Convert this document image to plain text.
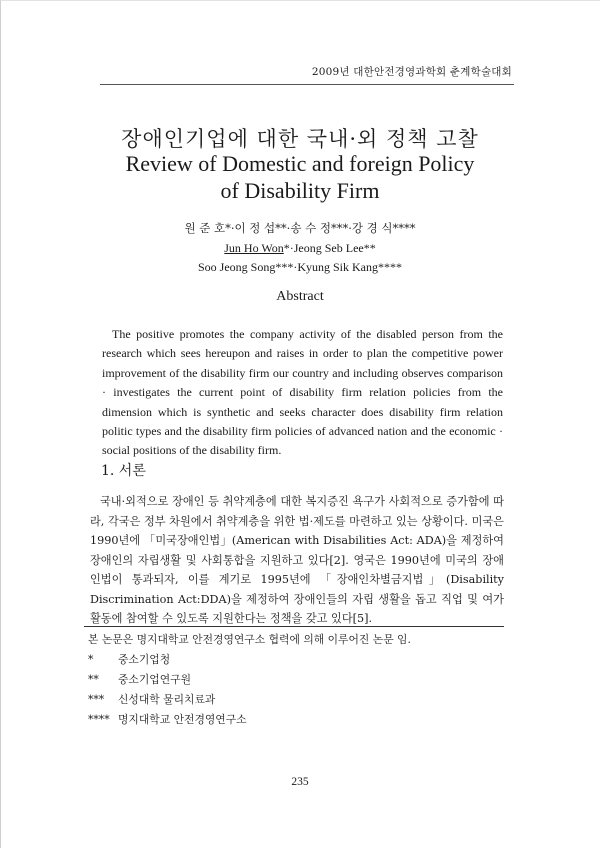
2009년 대한안전경영과학회 춘계학술대회
장애인기업에 대한 국내·외 정책 고찰
Review of Domestic and foreign Policy
of Disability Firm
원 준 호*·이 정 섭**·송 수 정***·강 경 식****
Jun Ho Won*·Jeong Seb Lee**
Soo Jeong Song***·Kyung Sik Kang****
Abstract
The positive promotes the company activity of the disabled person from the research which sees hereupon and raises in order to plan the competitive power improvement of the disability firm our country and including observes comparison · investigates the current point of disability firm relation policies from the dimension which is synthetic and seeks character does disability firm relation politic types and the disability firm policies of advanced nation and the economic · social positions of the disability firm.
1. 서론
국내·외적으로 장애인 등 취약계층에 대한 복지증진 욕구가 사회적으로 증가함에 따라, 각국은 정부 차원에서 취약계층을 위한 법·제도를 마련하고 있는 상황이다. 미국은 1990년에 「미국장애인법」(American with Disabilities Act: ADA)을 제정하여 장애인의 자립생활 및 사회통합을 지원하고 있다[2]. 영국은 1990년에 미국의 장애인법이 통과되자, 이를 계기로 1995년에 「장애인차별금지법」(Disability Discrimination Act:DDA)을 제정하여 장애인들의 자립 생활을 돕고 직업 및 여가활동에 참여할 수 있도록 지원한다는 정책을 갖고 있다[5].
본 논문은 명지대학교 안전경영연구소 협력에 의해 이루어진 논문 임.
*	중소기업청
**	중소기업연구원
***	신성대학 물리치료과
**** 명지대학교 안전경영연구소
235
